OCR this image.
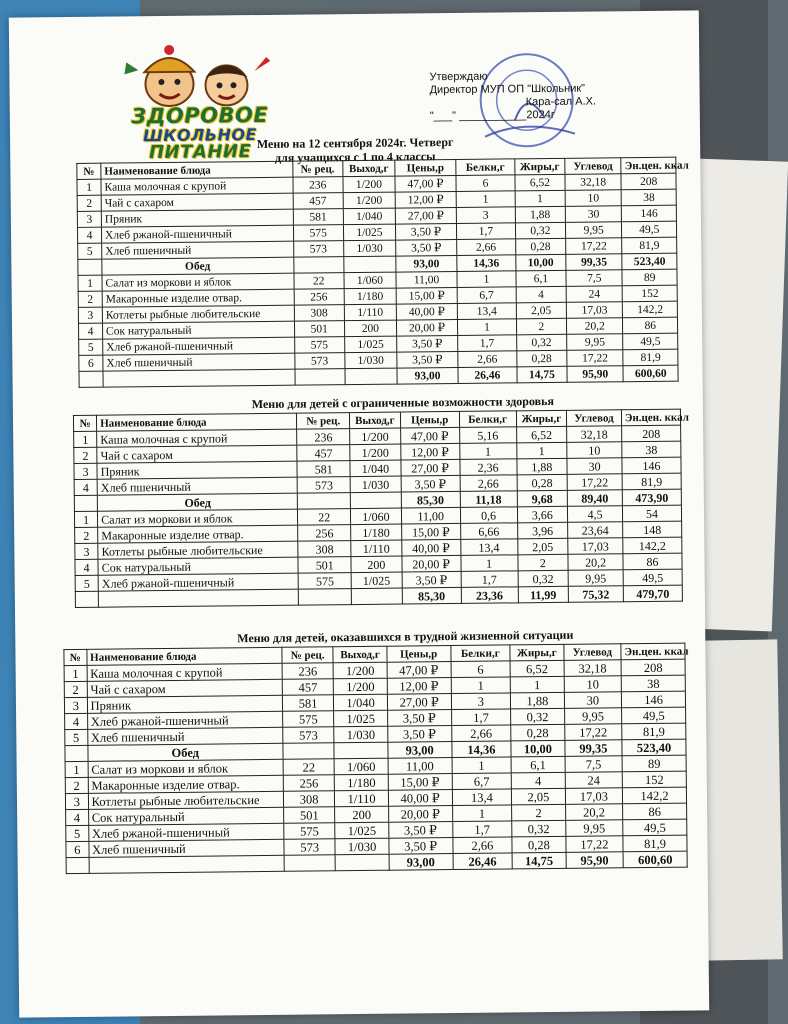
ЗДОРОВОЕ
ШКОЛЬНОЕ
ПИТАНИЕ
Утверждаю
Директор МУП ОП "Школьник"
Кара-сал А.Х.
"___" ___________2024г
Меню на 12 сентября 2024г. Четверг
для учащихся с 1 по 4 классы
№	Наименование блюда	№ рец.	Выход,г	Цены,р	Белки,г	Жиры,г	Углевод	Эн.цен. ккал
1	Каша молочная с крупой	236	1/200	47,00 ₽	6	6,52	32,18	208
2	Чай с сахаром	457	1/200	12,00 ₽	1	1	10	38
3	Пряник	581	1/040	27,00 ₽	3	1,88	30	146
4	Хлеб ржаной-пшеничный	575	1/025	3,50 ₽	1,7	0,32	9,95	49,5
5	Хлеб пшеничный	573	1/030	3,50 ₽	2,66	0,28	17,22	81,9
	Обед			93,00	14,36	10,00	99,35	523,40
1	Салат из моркови и яблок	22	1/060	11,00	1	6,1	7,5	89
2	Макаронные изделие отвар.	256	1/180	15,00 ₽	6,7	4	24	152
3	Котлеты рыбные любительские	308	1/110	40,00 ₽	13,4	2,05	17,03	142,2
4	Сок натуральный	501	200	20,00 ₽	1	2	20,2	86
5	Хлеб ржаной-пшеничный	575	1/025	3,50 ₽	1,7	0,32	9,95	49,5
6	Хлеб пшеничный	573	1/030	3,50 ₽	2,66	0,28	17,22	81,9
				93,00	26,46	14,75	95,90	600,60
Меню для детей с ограниченные возможности здоровья
№	Наименование блюда	№ рец.	Выход,г	Цены,р	Белки,г	Жиры,г	Углевод	Эн.цен. ккал
1	Каша молочная с крупой	236	1/200	47,00 ₽	5,16	6,52	32,18	208
2	Чай с сахаром	457	1/200	12,00 ₽	1	1	10	38
3	Пряник	581	1/040	27,00 ₽	2,36	1,88	30	146
4	Хлеб пшеничный	573	1/030	3,50 ₽	2,66	0,28	17,22	81,9
	Обед			85,30	11,18	9,68	89,40	473,90
1	Салат из моркови и яблок	22	1/060	11,00	0,6	3,66	4,5	54
2	Макаронные изделие отвар.	256	1/180	15,00 ₽	6,66	3,96	23,64	148
3	Котлеты рыбные любительские	308	1/110	40,00 ₽	13,4	2,05	17,03	142,2
4	Сок натуральный	501	200	20,00 ₽	1	2	20,2	86
5	Хлеб ржаной-пшеничный	575	1/025	3,50 ₽	1,7	0,32	9,95	49,5
				85,30	23,36	11,99	75,32	479,70
Меню для детей, оказавшихся в трудной жизненной ситуации
№	Наименование блюда	№ рец.	Выход,г	Цены,р	Белки,г	Жиры,г	Углевод	Эн.цен. ккал
1	Каша молочная с крупой	236	1/200	47,00 ₽	6	6,52	32,18	208
2	Чай с сахаром	457	1/200	12,00 ₽	1	1	10	38
3	Пряник	581	1/040	27,00 ₽	3	1,88	30	146
4	Хлеб ржаной-пшеничный	575	1/025	3,50 ₽	1,7	0,32	9,95	49,5
5	Хлеб пшеничный	573	1/030	3,50 ₽	2,66	0,28	17,22	81,9
	Обед			93,00	14,36	10,00	99,35	523,40
1	Салат из моркови и яблок	22	1/060	11,00	1	6,1	7,5	89
2	Макаронные изделие отвар.	256	1/180	15,00 ₽	6,7	4	24	152
3	Котлеты рыбные любительские	308	1/110	40,00 ₽	13,4	2,05	17,03	142,2
4	Сок натуральный	501	200	20,00 ₽	1	2	20,2	86
5	Хлеб ржаной-пшеничный	575	1/025	3,50 ₽	1,7	0,32	9,95	49,5
6	Хлеб пшеничный	573	1/030	3,50 ₽	2,66	0,28	17,22	81,9
				93,00	26,46	14,75	95,90	600,60
